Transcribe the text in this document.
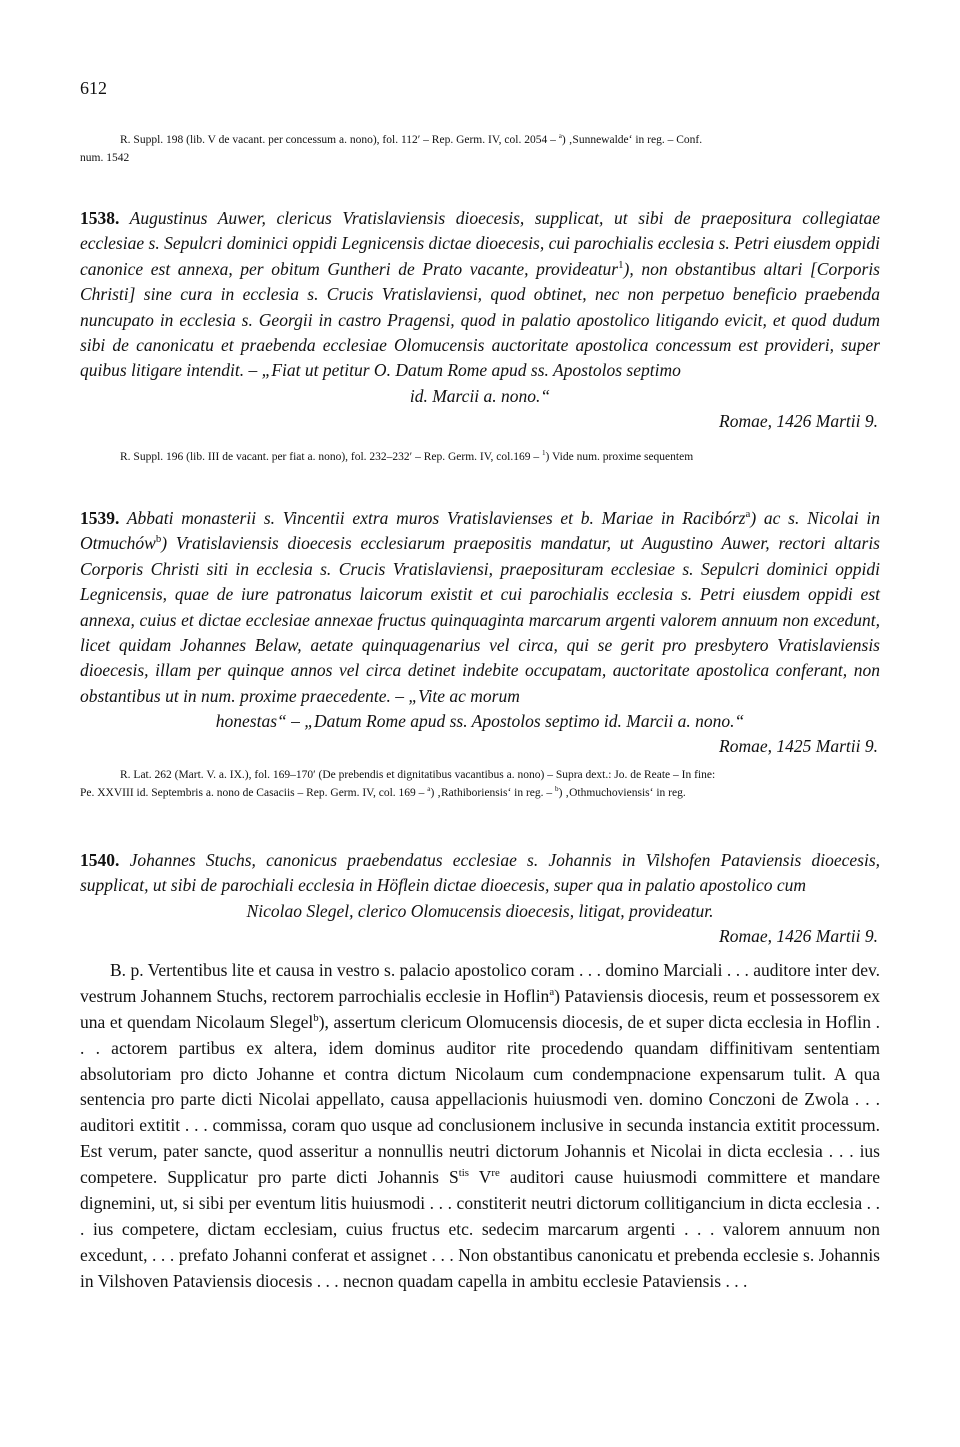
612
R. Suppl. 198 (lib. V de vacant. per concessum a. nono), fol. 112′ – Rep. Germ. IV, col. 2054 – $^a$) ‚Sunnewalde‘ in reg. – Conf.
num. 1542
1538. Augustinus Auwer, clericus Vratislaviensis dioecesis, supplicat, ut sibi de praepositura collegiatae ecclesiae s. Sepulcri dominici oppidi Legnicensis dictae dioecesis, cui parochialis ecclesia s. Petri eiusdem oppidi canonice est annexa, per obitum Guntheri de Prato vacante, provideatur$^1$), non obstantibus altari [Corporis Christi] sine cura in ecclesia s. Crucis Vratislaviensi, quod obtinet, nec non perpetuo beneficio praebenda nuncupato in ecclesia s. Georgii in castro Pragensi, quod in palatio apostolico litigando evicit, et quod dudum sibi de canonicatu et praebenda ecclesiae Olomucensis auctoritate apostolica concessum est provideri, super quibus litigare intendit. – „Fiat ut petitur O. Datum Rome apud ss. Apostolos septimo
id. Marcii a. nono.“
Romae, 1426 Martii 9.
R. Suppl. 196 (lib. III de vacant. per fiat a. nono), fol. 232–232′ – Rep. Germ. IV, col.169 – $^1$) Vide num. proxime sequentem
1539. Abbati monasterii s. Vincentii extra muros Vratislavienses et b. Mariae in Racibórz$^a$) ac s. Nicolai in Otmuchów$^b$) Vratislaviensis dioecesis ecclesiarum praepositis mandatur, ut Augustino Auwer, rectori altaris Corporis Christi siti in ecclesia s. Crucis Vratislaviensi, praeposituram ecclesiae s. Sepulcri dominici oppidi Legnicensis, quae de iure patronatus laicorum existit et cui parochialis ecclesia s. Petri eiusdem oppidi est annexa, cuius et dictae ecclesiae annexae fructus quinquaginta marcarum argenti valorem annuum non excedunt, licet quidam Johannes Belaw, aetate quinquagenarius vel circa, qui se gerit pro presbytero Vratislaviensis dioecesis, illam per quinque annos vel circa detinet indebite occupatam, auctoritate apostolica conferant, non obstantibus ut in num. proxime praecedente. – „Vite ac morum
honestas“ – „Datum Rome apud ss. Apostolos septimo id. Marcii a. nono.“
Romae, 1425 Martii 9.
R. Lat. 262 (Mart. V. a. IX.), fol. 169–170′ (De prebendis et dignitatibus vacantibus a. nono) – Supra dext.: Jo. de Reate – In fine:
Pe. XXVIII id. Septembris a. nono de Casaciis – Rep. Germ. IV, col. 169 – $^a$) ‚Rathiboriensis‘ in reg. – $^b$) ‚Othmuchoviensis‘ in reg.
1540. Johannes Stuchs, canonicus praebendatus ecclesiae s. Johannis in Vilshofen Pataviensis dioecesis, supplicat, ut sibi de parochiali ecclesia in Höflein dictae dioecesis, super qua in palatio apostolico cum
Nicolao Slegel, clerico Olomucensis dioecesis, litigat, provideatur.
Romae, 1426 Martii 9.
B. p. Vertentibus lite et causa in vestro s. palacio apostolico coram . . . domino Marciali . . . auditore inter dev. vestrum Johannem Stuchs, rectorem parrochialis ecclesie in Hoflin$^a$) Pataviensis diocesis, reum et possessorem ex una et quendam Nicolaum Slegel$^b$), assertum clericum Olomucensis diocesis, de et super dicta ecclesia in Hoflin . . . actorem partibus ex altera, idem dominus auditor rite procedendo quandam diffinitivam sententiam absolutoriam pro dicto Johanne et contra dictum Nicolaum cum condempnacione expensarum tulit. A qua sentencia pro parte dicti Nicolai appellato, causa appellacionis huiusmodi ven. domino Conczoni de Zwola . . . auditori extitit . . . commissa, coram quo usque ad conclusionem inclusive in secunda instancia extitit processum. Est verum, pater sancte, quod asseritur a nonnullis neutri dictorum Johannis et Nicolai in dicta ecclesia . . . ius competere. Supplicatur pro parte dicti Johannis $S^{tis}$ Vre auditori cause huiusmodi committere et mandare dignemini, ut, si sibi per eventum litis huiusmodi . . . constiterit neutri dictorum collitigancium in dicta ecclesia . . . ius competere, dictam ecclesiam, cuius fructus etc. sedecim marcarum argenti . . . valorem annuum non excedunt, . . . prefato Johanni conferat et assignet . . . Non obstantibus canonicatu et prebenda ecclesie s. Johannis in Vilshoven Pataviensis diocesis . . . necnon quadam capella in ambitu ecclesie Pataviensis . . .
